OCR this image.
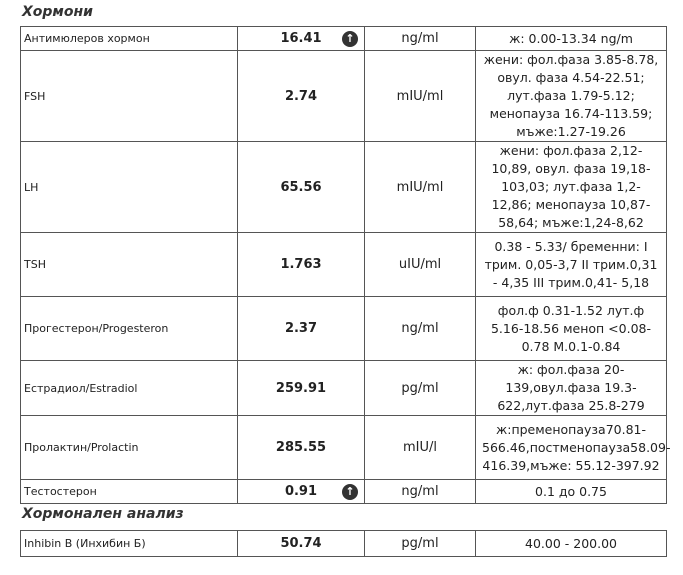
Хормони
Антимюлеров хормон	16.41 ↑	ng/ml	ж: 0.00-13.34 ng/m
FSH	2.74	mIU/ml	жени: фол.фаза 3.85-8.78, овул. фаза 4.54-22.51; лут.фаза 1.79-5.12; менопауза 16.74-113.59; мъже:1.27-19.26
LH	65.56	mIU/ml	жени: фол.фаза 2,12-10,89, овул. фаза 19,18-103,03; лут.фаза 1,2-12,86; менопауза 10,87-58,64; мъже:1,24-8,62
TSH	1.763	uIU/ml	0.38 - 5.33/ бременни: I трим. 0,05-3,7 II трим.0,31 - 4,35 III трим.0,41- 5,18
Прогестерон/Progesteron	2.37	ng/ml	фол.ф 0.31-1.52 лут.ф 5.16-18.56 меноп <0.08-0.78 M.0.1-0.84
Естрадиол/Estradiol	259.91	pg/ml	ж: фол.фаза 20-139,овул.фаза 19.3-622,лут.фаза 25.8-279
Пролактин/Prolactin	285.55	mIU/l	ж:пременопауза70.81-566.46,постменопауза58.09-416.39,мъже: 55.12-397.92
Тестостерон	0.91 ↑	ng/ml	0.1 до 0.75
Хормонален анализ
Inhibin B (Инхибин Б)	50.74	pg/ml	40.00 - 200.00
